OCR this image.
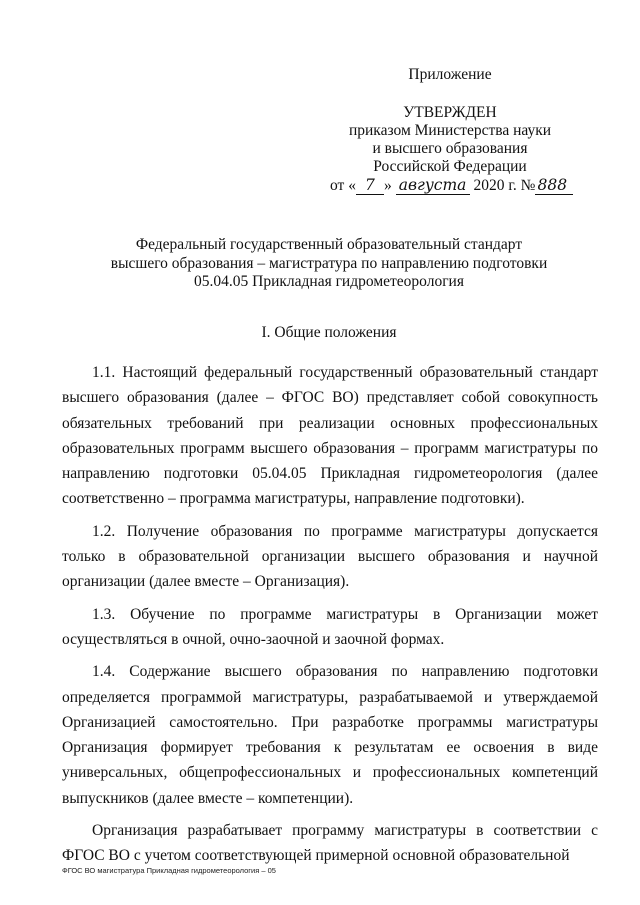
Приложение
УТВЕРЖДЕН
приказом Министерства науки
и высшего образования
Российской Федерации
от « 7 » августа 2020 г. № 888
Федеральный государственный образовательный стандарт
высшего образования – магистратура по направлению подготовки
05.04.05 Прикладная гидрометеорология
I. Общие положения

1.1. Настоящий федеральный государственный образовательный стандарт высшего образования (далее – ФГОС ВО) представляет собой совокупность обязательных требований при реализации основных профессиональных образовательных программ высшего образования – программ магистратуры по направлению подготовки 05.04.05 Прикладная гидрометеорология (далее соответственно – программа магистратуры, направление подготовки).

1.2. Получение образования по программе магистратуры допускается только в образовательной организации высшего образования и научной организации (далее вместе – Организация).

1.3. Обучение по программе магистратуры в Организации может осуществляться в очной, очно-заочной и заочной формах.

1.4. Содержание высшего образования по направлению подготовки определяется программой магистратуры, разрабатываемой и утверждаемой Организацией самостоятельно. При разработке программы магистратуры Организация формирует требования к результатам ее освоения в виде универсальных, общепрофессиональных и профессиональных компетенций выпускников (далее вместе – компетенции).

Организация разрабатывает программу магистратуры в соответствии с ФГОС ВО с учетом соответствующей примерной основной образовательной

ФГОС ВО магистратура Прикладная гидрометеорология – 05
